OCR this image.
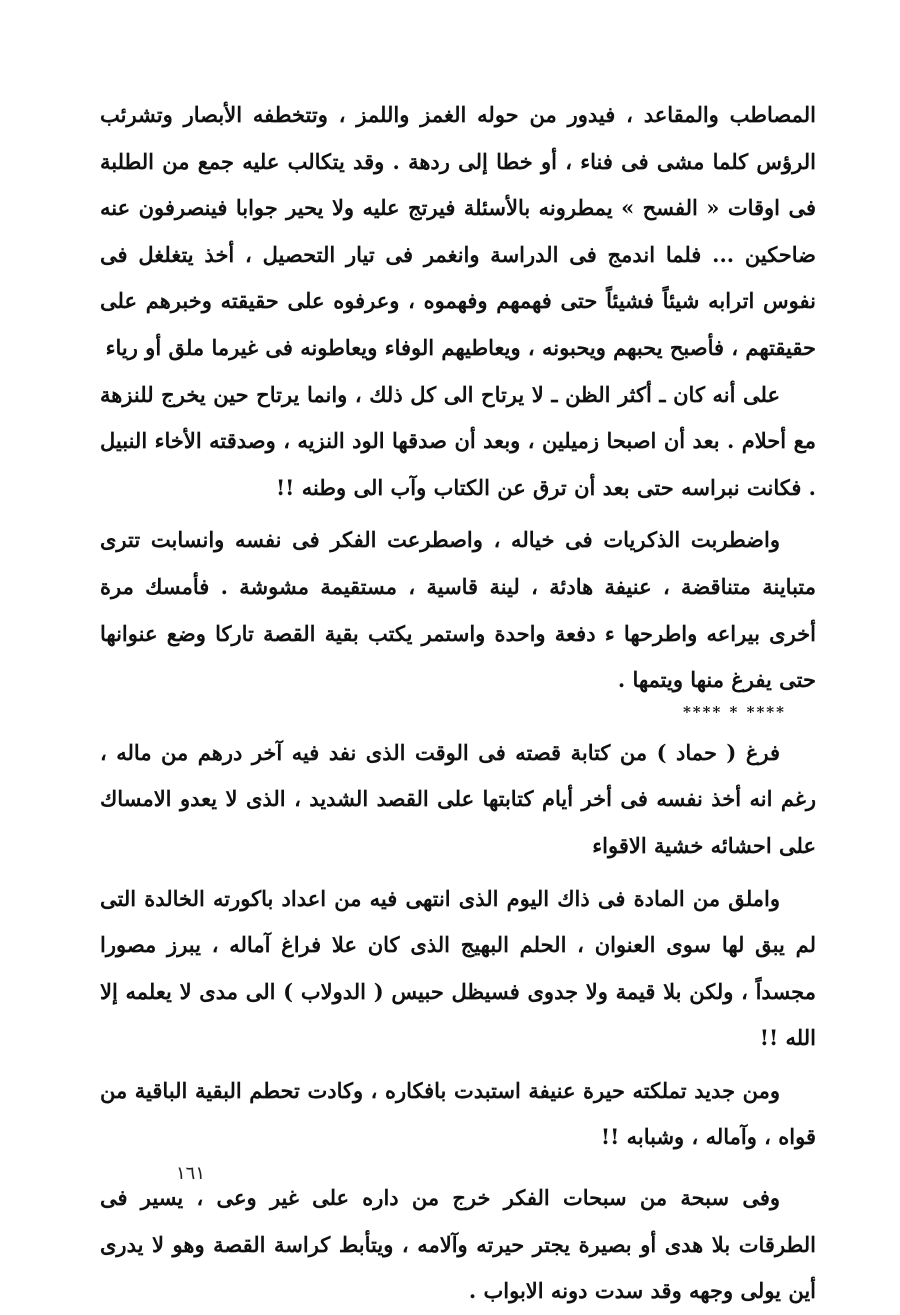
المصاطب والمقاعد ، فيدور من حوله الغمز واللمز ، وتتخطفه الأبصار وتشرئب الرؤس كلما مشى فى فناء ، أو خطا إلى ردهة . وقد يتكالب عليه جمع من الطلبة فى اوقات « الفسح » يمطرونه بالأسئلة فيرتج عليه ولا يحير جوابا فينصرفون عنه ضاحكين ... فلما اندمج فى الدراسة وانغمر فى تيار التحصيل ، أخذ يتغلغل فى نفوس اترابه شيئاً فشيئاً حتى فهمهم وفهموه ، وعرفوه على حقيقته وخبرهم على حقيقتهم ، فأصبح يحبهم ويحبونه ، ويعاطيهم الوفاء ويعاطونه فى غيرما ملق أو رياء

على أنه كان ـ أكثر الظن ـ لا يرتاح الى كل ذلك ، وانما يرتاح حين يخرج للنزهة مع أحلام . بعد أن اصبحا زميلين ، وبعد أن صدقها الود النزيه ، وصدقته الأخاء النبيل . فكانت نبراسه حتى بعد أن ترق عن الكتاب وآب الى وطنه !!

واضطربت الذكريات فى خياله ، واصطرعت الفكر فى نفسه وانسابت تترى متباينة متناقضة ، عنيفة هادئة ، لينة قاسية ، مستقيمة مشوشة . فأمسك مرة أخرى بيراعه واطرحها ء دفعة واحدة واستمر يكتب بقية القصة تاركا وضع عنوانها حتى يفرغ منها ويتمها .

**** * ****

فرغ ( حماد ) من كتابة قصته فى الوقت الذى نفد فيه آخر درهم من ماله ، رغم انه أخذ نفسه فى أخر أيام كتابتها على القصد الشديد ، الذى لا يعدو الامساك على احشائه خشية الاقواء

واملق من المادة فى ذاك اليوم الذى انتهى فيه من اعداد باكورته الخالدة التى لم يبق لها سوى العنوان ، الحلم البهيج الذى كان علا فراغ آماله ، يبرز مصورا مجسداً ، ولكن بلا قيمة ولا جدوى فسيظل حبيس ( الدولاب ) الى مدى لا يعلمه إلا الله !!

ومن جديد تملكته حيرة عنيفة استبدت بافكاره ، وكادت تحطم البقية الباقية من قواه ، وآماله ، وشبابه !!

وفى سبحة من سبحات الفكر خرج من داره على غير وعى ، يسير فى الطرقات بلا هدى أو بصيرة يجتر حيرته وآلامه ، ويتأبط كراسة القصة وهو لا يدرى أين يولى وجهه وقد سدت دونه الابواب .

١٦١
